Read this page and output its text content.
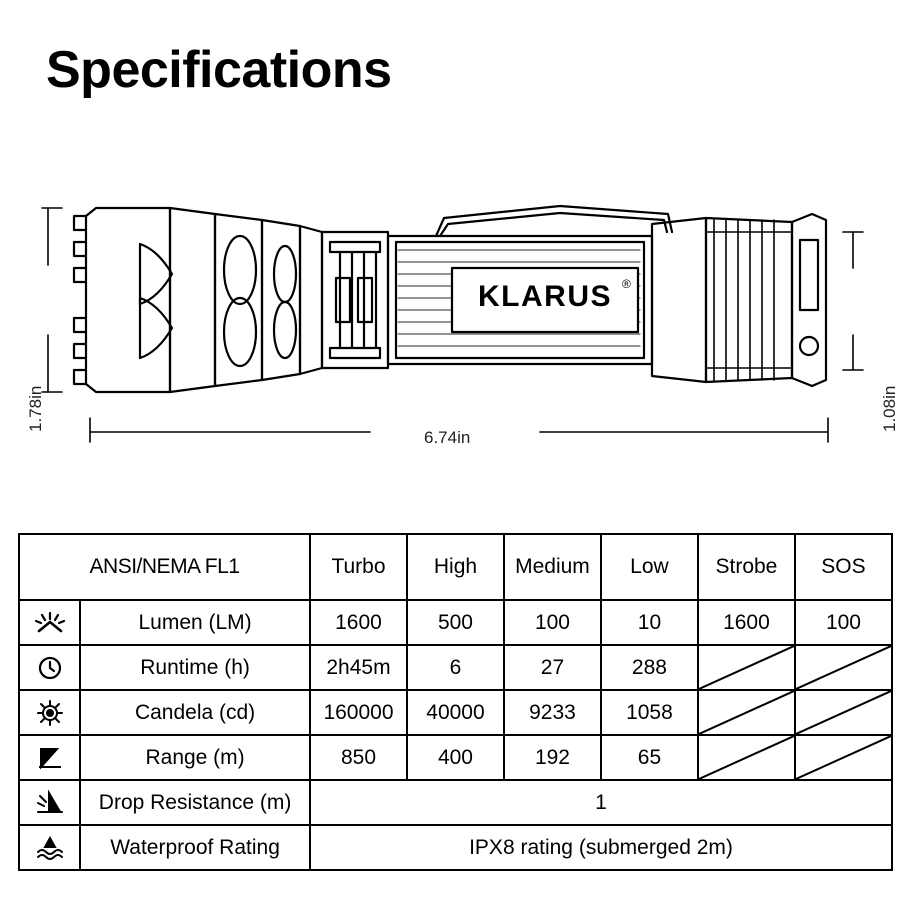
Specifications
KLARUS ®
1.78in	1.08in
6.74in
ANSI/NEMA FL1		Turbo	High	Medium	Low	Strobe	SOS

	Lumen (LM)	1600	500	100	10	1600	100

	Runtime (h)	2h45m	6	27	288	

	Candela (cd)	160000	40000	9233	1058	

	Range (m)	850	400	192	65	

	Drop Resistance (m)	1					

	Waterproof Rating	IPX8 rating (submerged 2m)					
